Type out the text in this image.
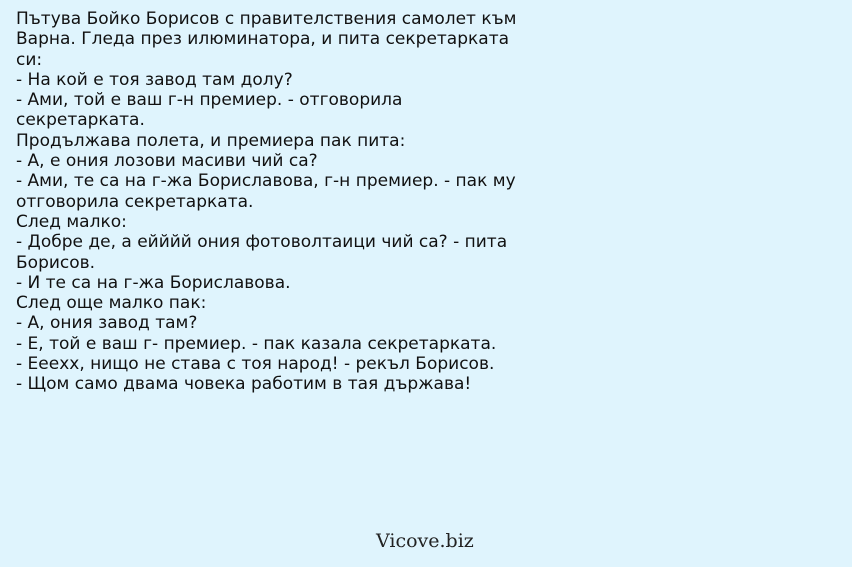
Пътува Бойко Борисов с правителствения самолет към
Варна. Гледа през илюминатора, и пита секретарката
си:
- На кой е тоя завод там долу?
- Ами, той е ваш г-н премиер. - отговорила
секретарката.
Продължава полета, и премиера пак пита:
- А, е ония лозови масиви чий са?
- Ами, те са на г-жа Бориславова, г-н премиер. - пак му
отговорила секретарката.
След малко:
- Добре де, а ейййй ония фотоволтаици чий са? - пита
Борисов.
- И те са на г-жа Бориславова.
След още малко пак:
- А, ония завод там?
- Е, той е ваш г- премиер. - пак казала секретарката.
- Ееехх, нищо не става с тоя народ! - рекъл Борисов.
- Щом само двама човека работим в тая държава!
Vicove.biz
